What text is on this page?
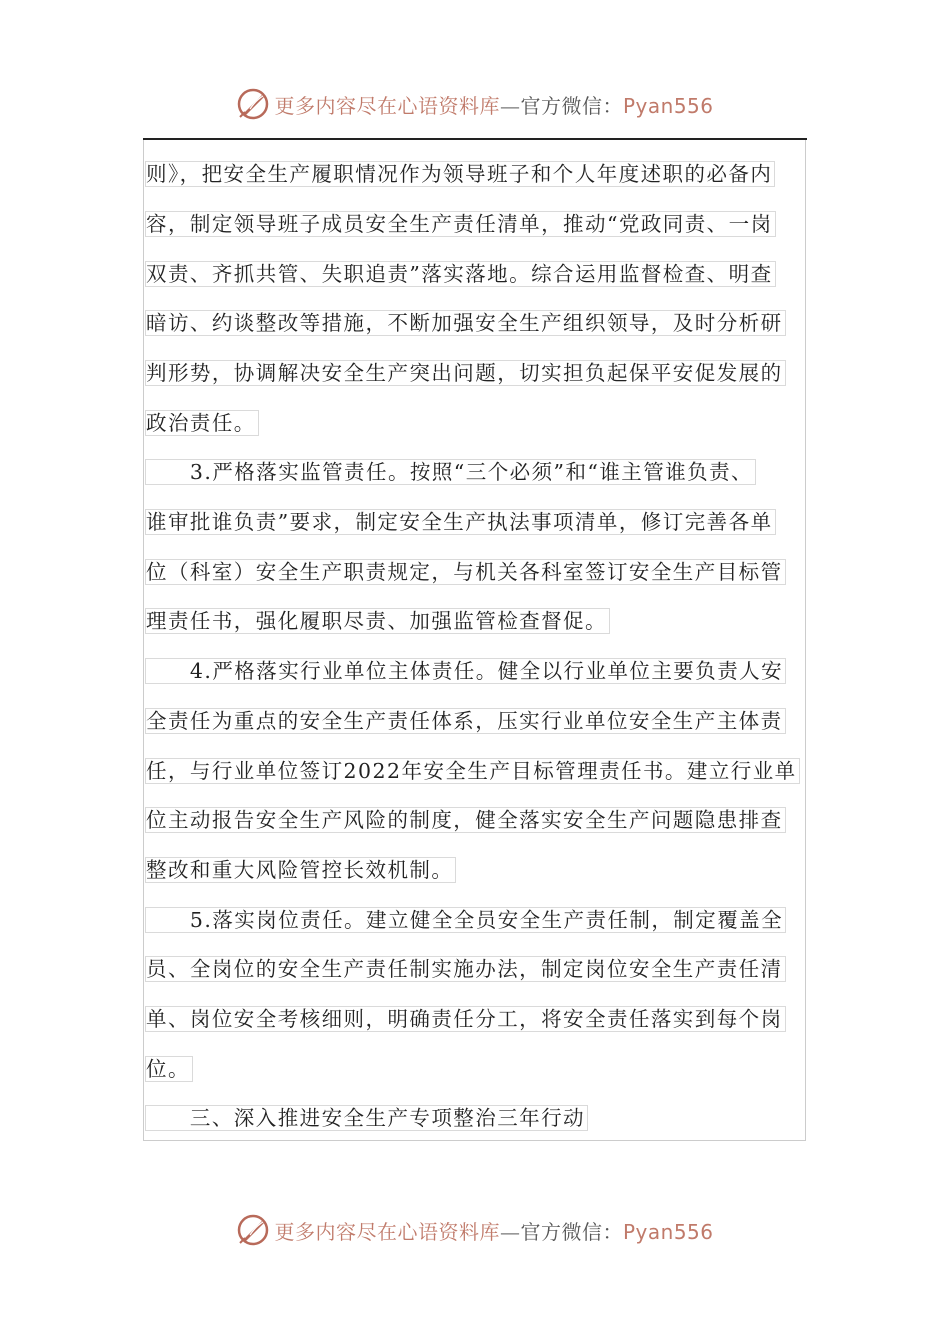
更多内容尽在心语资料库—官方微信：Pyan556
则》，把安全生产履职情况作为领导班子和个人年度述职的必备内
容，制定领导班子成员安全生产责任清单，推动“党政同责、一岗
双责、齐抓共管、失职追责”落实落地。综合运用监督检查、明查
暗访、约谈整改等措施，不断加强安全生产组织领导，及时分析研
判形势，协调解决安全生产突出问题，切实担负起保平安促发展的
政治责任。
　　3.严格落实监管责任。按照“三个必须”和“谁主管谁负责、
谁审批谁负责”要求，制定安全生产执法事项清单，修订完善各单
位（科室）安全生产职责规定，与机关各科室签订安全生产目标管
理责任书，强化履职尽责、加强监管检查督促。
　　4.严格落实行业单位主体责任。健全以行业单位主要负责人安
全责任为重点的安全生产责任体系，压实行业单位安全生产主体责
任，与行业单位签订2022年安全生产目标管理责任书。建立行业单
位主动报告安全生产风险的制度，健全落实安全生产问题隐患排查
整改和重大风险管控长效机制。
　　5.落实岗位责任。建立健全全员安全生产责任制，制定覆盖全
员、全岗位的安全生产责任制实施办法，制定岗位安全生产责任清
单、岗位安全考核细则，明确责任分工，将安全责任落实到每个岗
位。
　　三、深入推进安全生产专项整治三年行动
更多内容尽在心语资料库—官方微信：Pyan556
